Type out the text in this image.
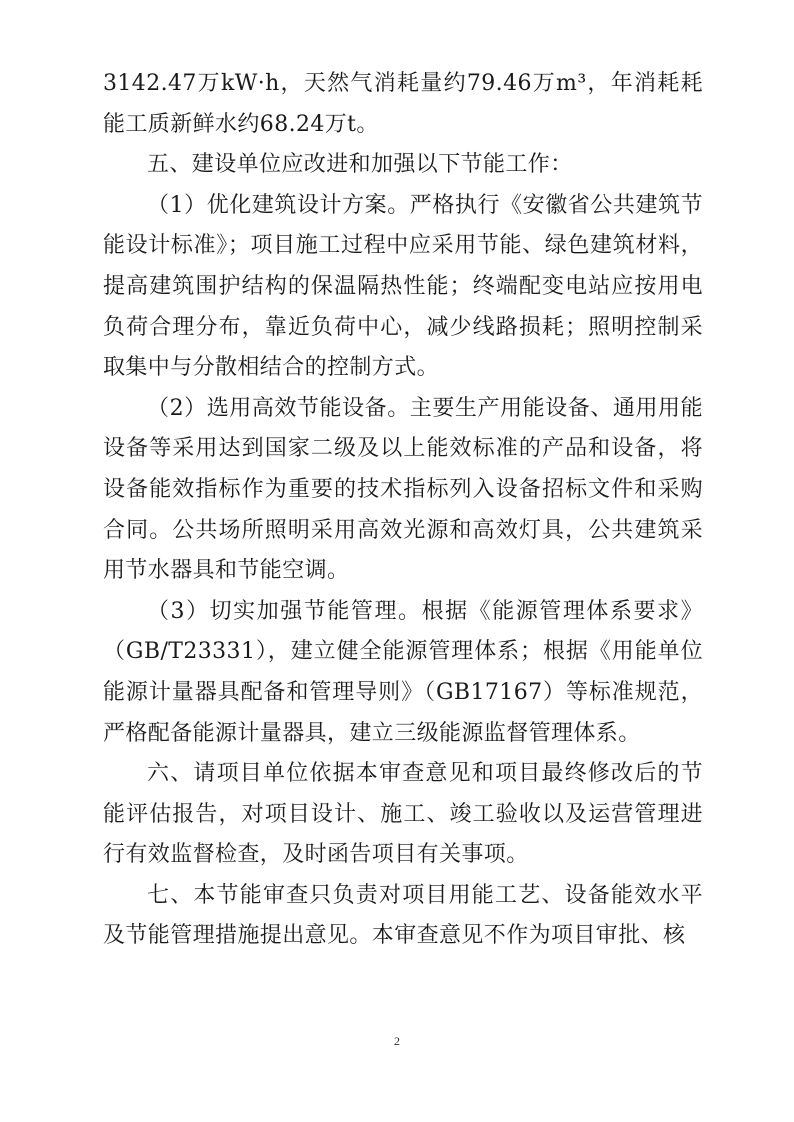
3142.47万kW·h，天然气消耗量约79.46万m³，年消耗耗能工质新鲜水约68.24万t。

五、建设单位应改进和加强以下节能工作：

（1）优化建筑设计方案。严格执行《安徽省公共建筑节能设计标准》；项目施工过程中应采用节能、绿色建筑材料，提高建筑围护结构的保温隔热性能；终端配变电站应按用电负荷合理分布，靠近负荷中心，减少线路损耗；照明控制采取集中与分散相结合的控制方式。

（2）选用高效节能设备。主要生产用能设备、通用用能设备等采用达到国家二级及以上能效标准的产品和设备，将设备能效指标作为重要的技术指标列入设备招标文件和采购合同。公共场所照明采用高效光源和高效灯具，公共建筑采用节水器具和节能空调。

（3）切实加强节能管理。根据《能源管理体系要求》（GB/T23331），建立健全能源管理体系；根据《用能单位能源计量器具配备和管理导则》（GB17167）等标准规范，严格配备能源计量器具，建立三级能源监督管理体系。

六、请项目单位依据本审查意见和项目最终修改后的节能评估报告，对项目设计、施工、竣工验收以及运营管理进行有效监督检查，及时函告项目有关事项。

七、本节能审查只负责对项目用能工艺、设备能效水平及节能管理措施提出意见。本审查意见不作为项目审批、核

2
